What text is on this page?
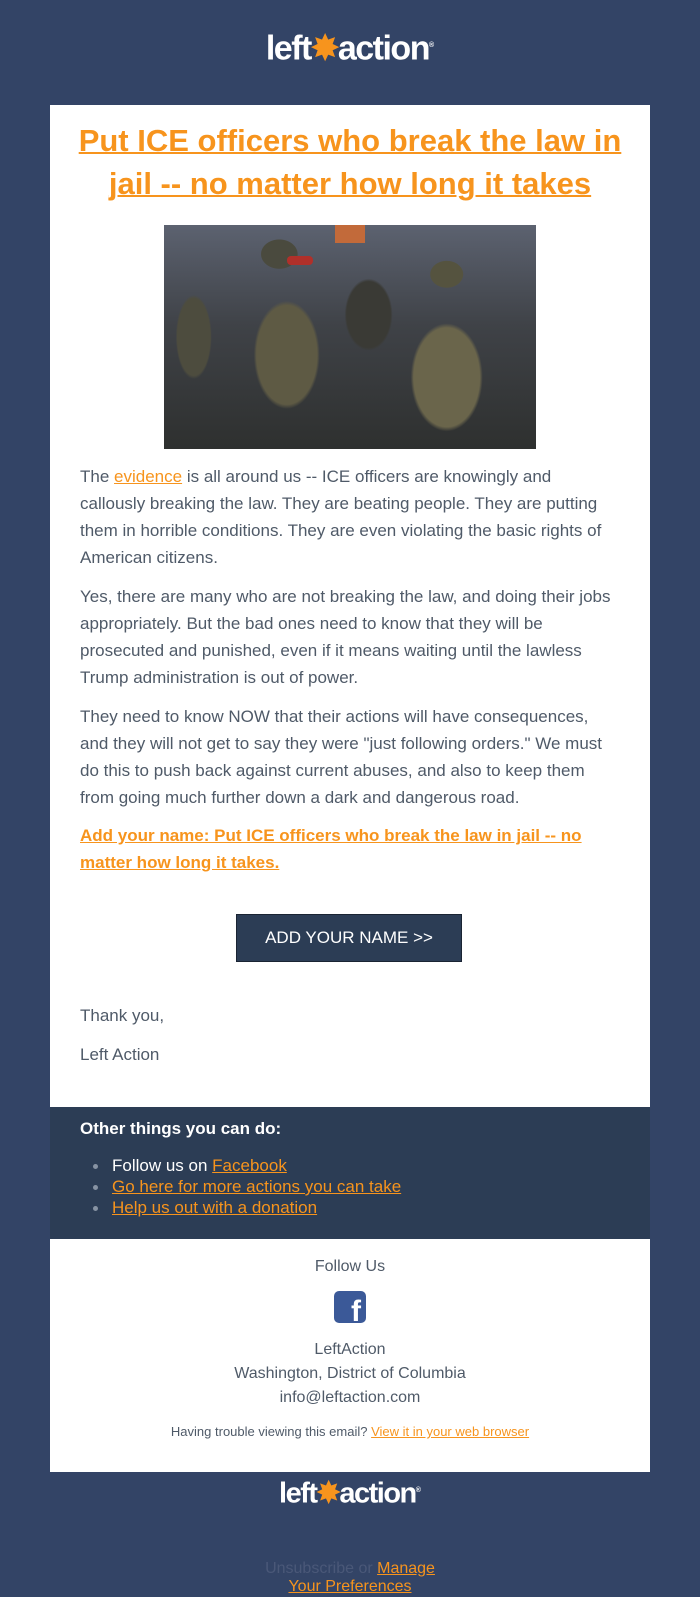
left✸action®
Put ICE officers who break the law in jail -- no matter how long it takes

The evidence is all around us -- ICE officers are knowingly and callously breaking the law. They are beating people. They are putting them in horrible conditions. They are even violating the basic rights of American citizens.

Yes, there are many who are not breaking the law, and doing their jobs appropriately. But the bad ones need to know that they will be prosecuted and punished, even if it means waiting until the lawless Trump administration is out of power.

They need to know NOW that their actions will have consequences, and they will not get to say they were "just following orders." We must do this to push back against current abuses, and also to keep them from going much further down a dark and dangerous road.

Add your name: Put ICE officers who break the law in jail -- no matter how long it takes.

ADD YOUR NAME >>

Thank you,

Left Action

Other things you can do:
Follow us on Facebook
Go here for more actions you can take
Help us out with a donation
Follow Us
f
LeftAction
Washington, District of Columbia
info@leftaction.com
Having trouble viewing this email? View it in your web browser
left✸action®
Unsubscribe or Manage
Your Preferences
